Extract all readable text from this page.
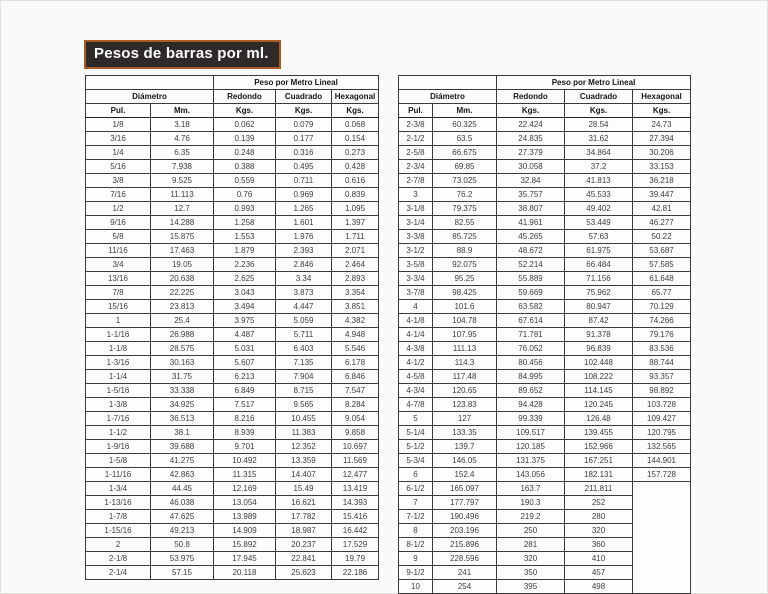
Pesos de barras por ml.
		Peso por Metro Lineal		
Diámetro		Redondo	Cuadrado	Hexagonal
Pul.	Mm.	Kgs.	Kgs.	Kgs.
1/8	3.18	0.062	0.079	0.068
3/16	4.76	0.139	0.177	0.154
1/4	6.35	0.248	0.316	0.273
5/16	7.938	0.388	0.495	0.428
3/8	9.525	0.559	0.711	0.616
7/16	11.113	0.76	0.969	0.839
1/2	12.7	0.993	1.265	1.095
9/16	14.288	1.258	1.601	1.397
5/8	15.875	1.553	1.976	1.711
11/16	17.463	1.879	2.393	2.071
3/4	19.05	2.236	2.846	2.464
13/16	20.638	2.625	3.34	2.893
7/8	22.225	3.043	3.873	3.354
15/16	23.813	3.494	4.447	3.851
1	25.4	3.975	5.059	4.382
1-1/16	26.988	4.487	5.711	4.948
1-1/8	28.575	5.031	6.403	5.546
1-3/16	30.163	5.607	7.135	6.178
1-1/4	31.75	6.213	7.904	6.846
1-5/16	33.338	6.849	8.715	7.547
1-3/8	34.925	7.517	9.565	8.284
1-7/16	36.513	8.216	10.455	9.054
1-1/2	38.1	8.939	11.383	9.858
1-9/16	39.688	9.701	12.352	10.697
1-5/8	41.275	10.492	13.359	11.569
1-11/16	42.863	11.315	14.407	12.477
1-3/4	44.45	12.169	15.49	13.419
1-13/16	46.038	13.054	16.621	14.393
1-7/8	47.625	13.989	17.782	15.416
1-15/16	49.213	14.909	18.987	16.442
2	50.8	15.892	20.237	17.529
2-1/8	53.975	17.945	22.841	19.79
2-1/4	57.15	20.118	25.623	22.186
		Peso por Metro Lineal		
Diámetro		Redondo	Cuadrado	Hexagonal
Pul.	Mm.	Kgs.	Kgs.	Kgs.
2-3/8	60.325	22.424	28.54	24.73
2-1/2	63.5	24.835	31.62	27.394
2-5/8	66.675	27.379	34.864	30.206
2-3/4	69.85	30.058	37.2	33.153
2-7/8	73.025	32.84	41.813	36.218
3	76.2	35.757	45.533	39.447
3-1/8	79.375	38.807	49.402	42.81
3-1/4	82.55	41.961	53.449	46.277
3-3/8	85.725	45.265	57.63	50.22
3-1/2	88.9	48.672	61.975	53.687
3-5/8	92.075	52.214	66.484	57.585
3-3/4	95.25	55.889	71.156	61.648
3-7/8	98.425	59.669	75.962	65.77
4	101.6	63.582	80.947	70.129
4-1/8	104.78	67.614	87.42	74.266
4-1/4	107.95	71.781	91.378	79.176
4-3/8	111.13	76.052	96.839	83.536
4-1/2	114.3	80.456	102.448	88.744
4-5/8	117.48	84.995	108.222	93.357
4-3/4	120.65	89.652	114.145	98.892
4-7/8	123.83	94.428	120.245	103.728
5	127	99.339	126.48	109.427
5-1/4	133.35	109.517	139.455	120.795
5-1/2	139.7	120.185	152.966	132.565
5-3/4	146.05	131.375	167.251	144.901
6	152.4	143.056	182.131	157.728
6-1/2	165.097	163.7	211.811	
7	177.797	190.3	252	
7-1/2	190.496	219.2	280	
8	203.196	250	320	
8-1/2	215.896	281	360	
9	228.596	320	410	
9-1/2	241	350	457	
10	254	395	498	
